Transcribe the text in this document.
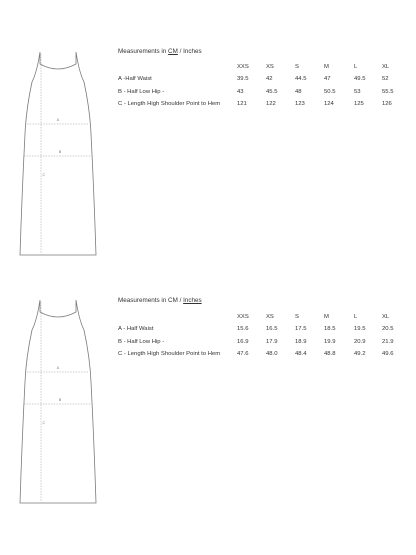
A
B
C
Measurements in CM / Inches
XXS	XS	S	M	L	XL
A -Half Waist	39.5	42	44.5	47	49.5	52
B - Half Low Hip -	43	45.5	48	50.5	53	55.5
C - Length High Shoulder Point to Hem	121	122	123	124	125	126
A
B
C
Measurements in CM / Inches
XXS	XS	S	M	L	XL
A - Half Waist	15.6	16.5	17.5	18.5	19.5	20.5
B - Half Low Hip -	16.9	17.9	18.9	19.9	20.9	21.9
C - Length High Shoulder Point to Hem	47.6	48.0	48.4	48.8	49.2	49.6
